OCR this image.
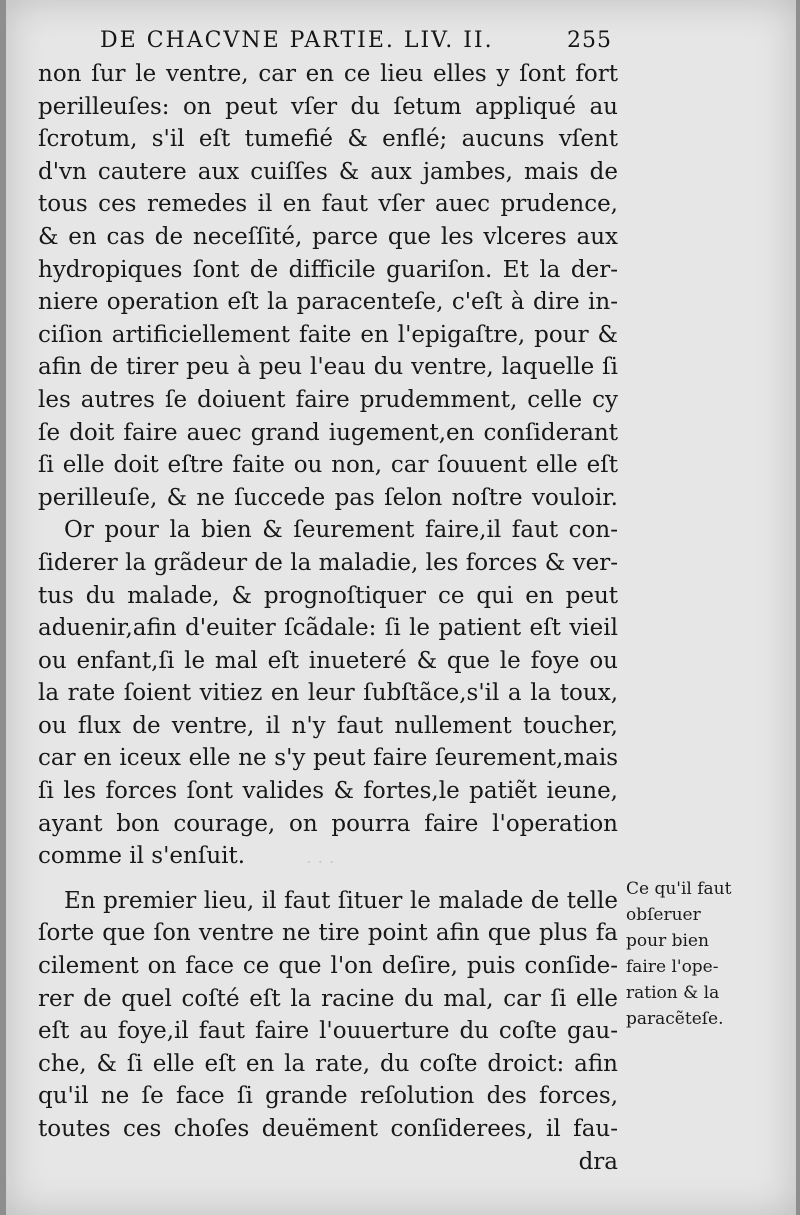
DE CHACVNE PARTIE. LIV. II.	255
non ſur le ventre, car en ce lieu elles y ſont fort
perilleuſes: on peut vſer du ſetum appliqué au
ſcrotum, s'il eſt tumefié & enflé; aucuns vſent
d'vn cautere aux cuiſſes & aux jambes, mais de
tous ces remedes il en faut vſer auec prudence,
& en cas de neceſſité, parce que les vlceres aux
hydropiques ſont de difficile guariſon. Et la der-
niere operation eſt la paracenteſe, c'eſt à dire in-
ciſion artificiellement faite en l'epigaſtre, pour &
afin de tirer peu à peu l'eau du ventre, laquelle ſi
les autres ſe doiuent faire prudemment, celle cy
ſe doit faire auec grand iugement,en conſiderant
ſi elle doit eſtre faite ou non, car ſouuent elle eſt
perilleuſe, & ne ſuccede pas ſelon noſtre vouloir.
Or pour la bien & ſeurement faire,il faut con-
ſiderer la grãdeur de la maladie, les forces & ver-
tus du malade, & prognoſtiquer ce qui en peut
aduenir,afin d'euiter ſcãdale: ſi le patient eſt vieil
ou enfant,ſi le mal eſt inueteré & que le foye ou
la rate ſoient vitiez en leur ſubſtãce,s'il a la toux,
ou flux de ventre, il n'y faut nullement toucher,
car en iceux elle ne s'y peut faire ſeurement,mais
ſi les forces ſont valides & fortes,le patiẽt ieune,
ayant bon courage, on pourra faire l'operation
comme il s'enſuit.
En premier lieu, il faut ſituer le malade de telle
ſorte que ſon ventre ne tire point afin que plus fa
cilement on face ce que l'on deſire, puis conſide-
rer de quel coſté eſt la racine du mal, car ſi elle
eſt au foye,il faut faire l'ouuerture du coſte gau-
che, & ſi elle eſt en la rate, du coſte droict: afin
qu'il ne ſe face ſi grande reſolution des forces,
toutes ces choſes deuëment conſiderees, il fau-
dra
Ce qu'il faut
obſeruer
pour bien
faire l'ope-
ration & la
paracẽteſe.
· · ·
